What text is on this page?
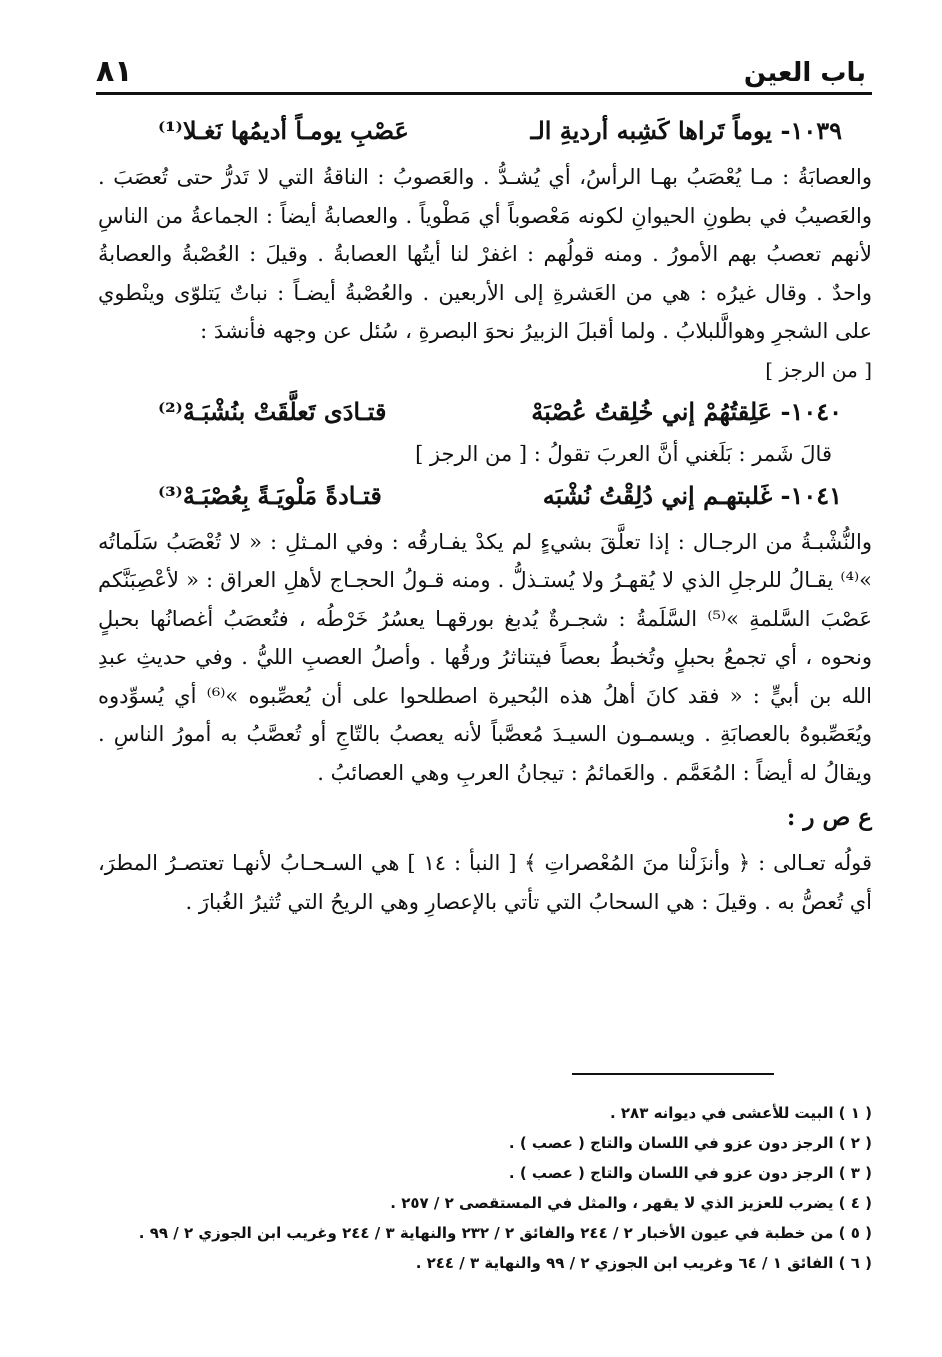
باب العين
٨١
١٠٣٩- يوماً تَراها كَشِبه أرديةِ الـ
عَصْبِ يومـاً أديمُها نَغـلا⁽¹⁾

والعصابَةُ : مـا يُعْصَبُ بهـا الرأسُ، أي يُشـدُّ . والعَصوبُ : الناقةُ التي لا تَدرُّ حتى تُعصَبَ . والعَصيبُ في بطونِ الحيوانِ لكونه مَعْصوباً أي مَطْوياً . والعصابةُ أيضاً : الجماعةُ من الناسِ لأنهم تعصبُ بهم الأمورُ . ومنه قولُهم : اغفرْ لنا أيتُها العصابةُ . وقيلَ : العُصْبةُ والعصابةُ واحدٌ . وقال غيرُه : هي من العَشرةِ إلى الأربعين . والعُصْبةُ أيضـاً : نباتٌ يَتلوّى وينْطوي على الشجرِ وهوالَّلبلابُ . ولما أقبلَ الزبيرُ نحوَ البصرةِ ، سُئل عن وجهه فأنشدَ :

[ من الرجز ]

١٠٤٠- عَلِقتُهُمْ إني خُلِقتُ عُصْبَهْ
قتـادَى تَعلَّقَتْ بنُشْبَـهْ⁽²⁾

قالَ شَمر : بَلَغني أنَّ العربَ تقولُ : [ من الرجز ]

١٠٤١- غَلبتهـم إني دُلِقْتُ نُشْبَه
قتـادةً مَلْويَـةً بِعُصْبَـهْ⁽³⁾

والنُّشْبـةُ من الرجـال : إذا تعلَّقَ بشيءٍ لم يكدْ يفـارقُه : وفي المـثلِ : « لا تُعْصَبُ سَلَماتُه »⁽⁴⁾ يقـالُ للرجلِ الذي لا يُقهـرُ ولا يُستـذلُّ . ومنه قـولُ الحجـاج لأهلِ العراق : « لأعْصِبَنَّكم عَصْبَ السَّلمةِ »⁽⁵⁾ السَّلَمةُ : شجـرةٌ يُدبغ بورقهـا يعسُرُ خَرْطُه ، فتُعصَبُ أغصانُها بحبلٍ ونحوه ، أي تجمعُ بحبلٍ وتُخبطُ بعصاً فيتناثرُ ورقُها . وأصلُ العصبِ الليُّ . وفي حديثِ عبدِ الله بن أبيٍّ : « فقد كانَ أهلُ هذه البُحيرة اصطلحوا على أن يُعصِّبوه »⁽⁶⁾ أي يُسوِّدوه ويُعَصِّبوهُ بالعصابَةِ . ويسمـون السيـدَ مُعصَّباً لأنه يعصبُ بالتّاجِ أو تُعصَّبُ به أمورُ الناسِ . ويقالُ له أيضاً : المُعَمَّم . والعَمائمُ : تيجانُ العربِ وهي العصائبُ .

ع ص ر :

قولُه تعـالى : ﴿ وأنزَلْنا منَ المُعْصراتِ ﴾ [ النبأ : ١٤ ] هي السـحـابُ لأنهـا تعتصـرُ المطرَ، أي تُعصُّ به . وقيلَ : هي السحابُ التي تأتي بالإعصارِ وهي الريحُ التي تُثيرُ الغُبارَ .

( ١ ) البيت للأعشى في ديوانه ٢٨٣ .
( ٢ ) الرجز دون عزو في اللسان والتاج ( عصب ) .
( ٣ ) الرجز دون عزو في اللسان والتاج ( عصب ) .
( ٤ ) يضرب للعزيز الذي لا يقهر ، والمثل في المستقصى ٢ / ٢٥٧ .
( ٥ ) من خطبة في عيون الأخبار ٢ / ٢٤٤ والفائق ٢ / ٢٣٢ والنهاية ٣ / ٢٤٤ وغريب ابن الجوزي ٢ / ٩٩ .
( ٦ ) الفائق ١ / ٦٤ وغريب ابن الجوزي ٢ / ٩٩ والنهاية ٣ / ٢٤٤ .
